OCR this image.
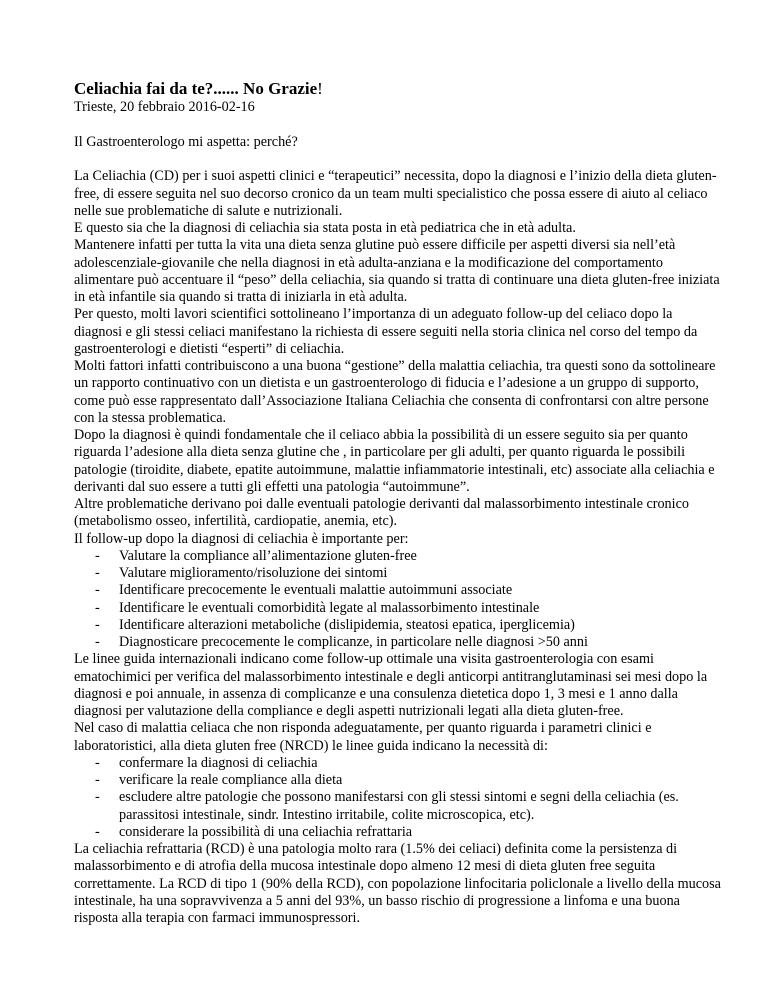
Celiachia fai da te?...... No Grazie!

Trieste, 20 febbraio 2016-02-16

Il Gastroenterologo mi aspetta: perché?

La Celiachia (CD) per i suoi aspetti clinici e “terapeutici” necessita, dopo la diagnosi e l’inizio della dieta gluten-free, di essere seguita nel suo decorso cronico da un team multi specialistico che possa essere di aiuto al celiaco nelle sue problematiche di salute e nutrizionali.

E questo sia che la diagnosi di celiachia sia stata posta in età pediatrica che in età adulta.

Mantenere infatti per tutta la vita una dieta senza glutine può essere difficile per aspetti diversi sia nell’età adolescenziale-giovanile che nella diagnosi in età adulta-anziana e la modificazione del comportamento alimentare può accentuare il “peso” della celiachia, sia quando si tratta di continuare una dieta gluten-free iniziata in età infantile sia quando si tratta di iniziarla in età adulta.

Per questo, molti lavori scientifici sottolineano l’importanza di un adeguato follow-up del celiaco dopo la diagnosi e gli stessi celiaci manifestano la richiesta di essere seguiti nella storia clinica nel corso del tempo da gastroenterologi e dietisti “esperti” di celiachia.

Molti fattori infatti contribuiscono a una buona “gestione” della malattia celiachia, tra questi sono da sottolineare un rapporto continuativo con un dietista e un gastroenterologo di fiducia e l’adesione a un gruppo di supporto, come può esse rappresentato dall’Associazione Italiana Celiachia che consenta di confrontarsi con altre persone con la stessa problematica.

Dopo la diagnosi è quindi fondamentale che il celiaco abbia la possibilità di un essere seguito sia per quanto riguarda l’adesione alla dieta senza glutine che , in particolare per gli adulti, per quanto riguarda le possibili patologie (tiroidite, diabete, epatite autoimmune, malattie infiammatorie intestinali, etc) associate alla celiachia e derivanti dal suo essere a tutti gli effetti una patologia “autoimmune”.

Altre problematiche derivano poi dalle eventuali patologie derivanti dal malassorbimento intestinale cronico (metabolismo osseo, infertilità, cardiopatie, anemia, etc).

Il follow-up dopo la diagnosi di celiachia è importante per:

- Valutare la compliance all’alimentazione gluten-free
- Valutare miglioramento/risoluzione dei sintomi
- Identificare precocemente le eventuali malattie autoimmuni associate
- Identificare le eventuali comorbidità legate al malassorbimento intestinale
- Identificare alterazioni metaboliche (dislipidemia, steatosi epatica, iperglicemia)
- Diagnosticare precocemente le complicanze, in particolare nelle diagnosi >50 anni

Le linee guida internazionali indicano come follow-up ottimale una visita gastroenterologia con esami ematochimici per verifica del malassorbimento intestinale e degli anticorpi antitranglutaminasi sei mesi dopo la diagnosi e poi annuale, in assenza di complicanze e una consulenza dietetica dopo 1, 3 mesi e 1 anno dalla diagnosi per valutazione della compliance e degli aspetti nutrizionali legati alla dieta gluten-free.

Nel caso di malattia celiaca che non risponda adeguatamente, per quanto riguarda i parametri clinici e laboratoristici, alla dieta gluten free (NRCD) le linee guida indicano la necessità di:

- confermare la diagnosi di celiachia
- verificare la reale compliance alla dieta
- escludere altre patologie che possono manifestarsi con gli stessi sintomi e segni della celiachia (es. parassitosi intestinale, sindr. Intestino irritabile, colite microscopica, etc).
- considerare la possibilità di una celiachia refrattaria

La celiachia refrattaria (RCD) è una patologia molto rara (1.5% dei celiaci) definita come la persistenza di malassorbimento e di atrofia della mucosa intestinale dopo almeno 12 mesi di dieta gluten free seguita correttamente. La RCD di tipo 1 (90% della RCD), con popolazione linfocitaria policlonale a livello della mucosa intestinale, ha una sopravvivenza a 5 anni del 93%, un basso rischio di progressione a linfoma e una buona risposta alla terapia con farmaci immunospressori.
